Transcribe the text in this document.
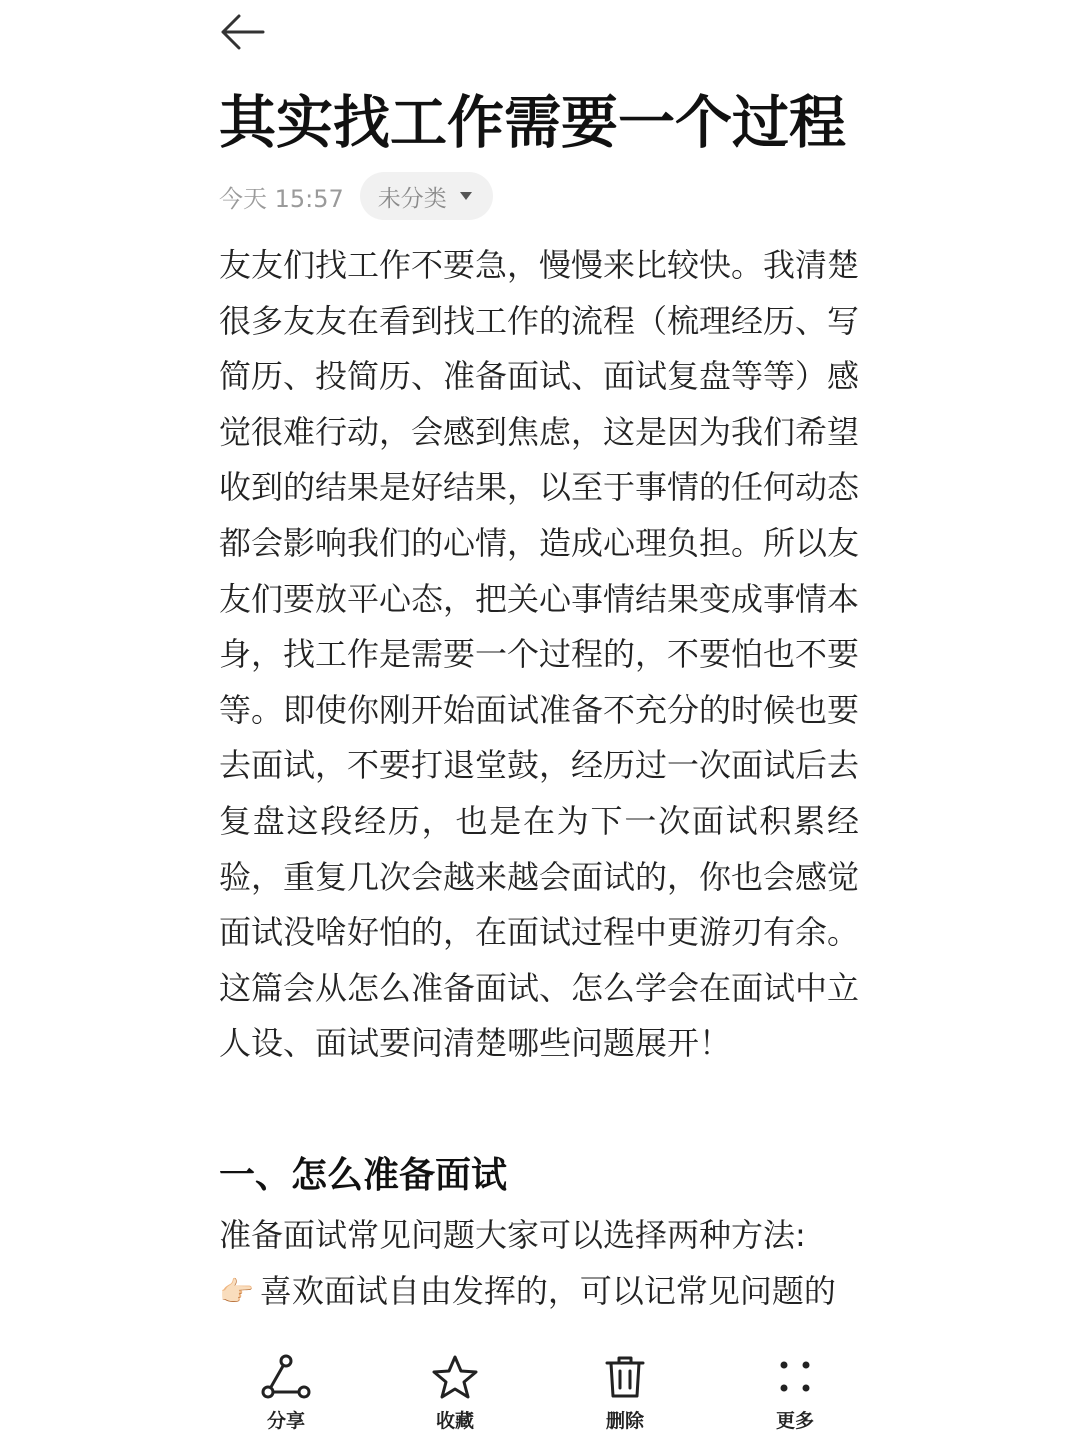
其实找工作需要一个过程
今天 15:57 未分类

友友们找工作不要急，慢慢来比较快。我清楚很多友友在看到找工作的流程（梳理经历、写简历、投简历、准备面试、面试复盘等等）感觉很难行动，会感到焦虑，这是因为我们希望收到的结果是好结果，以至于事情的任何动态都会影响我们的心情，造成心理负担。所以友友们要放平心态，把关心事情结果变成事情本身，找工作是需要一个过程的，不要怕也不要等。即使你刚开始面试准备不充分的时候也要去面试，不要打退堂鼓，经历过一次面试后去复盘这段经历，也是在为下一次面试积累经验，重复几次会越来越会面试的，你也会感觉面试没啥好怕的，在面试过程中更游刃有余。这篇会从怎么准备面试、怎么学会在面试中立人设、面试要问清楚哪些问题展开！

一、怎么准备面试

准备面试常见问题大家可以选择两种方法:

👉🏻 喜欢面试自由发挥的，可以记常见问题的

分享	收藏	删除	更多
